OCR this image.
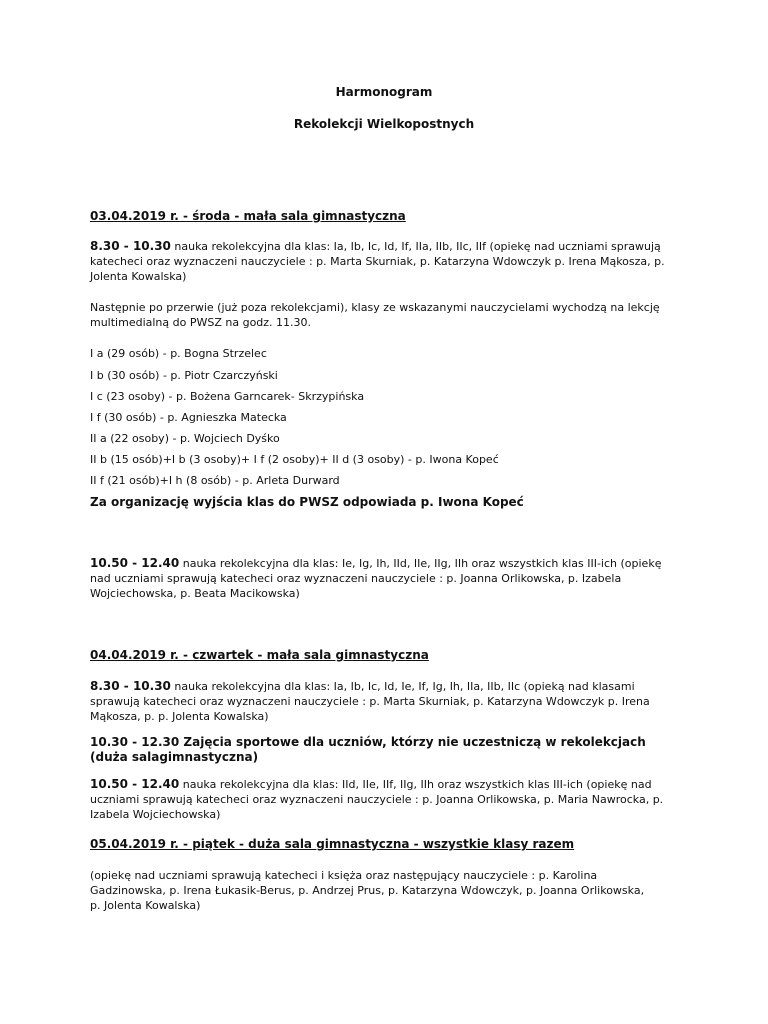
Harmonogram
Rekolekcji Wielkopostnych
03.04.2019 r. - środa - mała sala gimnastyczna
8.30 - 10.30 nauka rekolekcyjna dla klas: Ia, Ib, Ic, Id, If, IIa, IIb, IIc, IIf (opiekę nad uczniami sprawują katecheci oraz wyznaczeni nauczyciele : p. Marta Skurniak, p. Katarzyna Wdowczyk p. Irena Mąkosza, p. Jolenta Kowalska)
Następnie po przerwie (już poza rekolekcjami), klasy ze wskazanymi nauczycielami wychodzą na lekcję multimedialną do PWSZ na godz. 11.30.
I a (29 osób) - p. Bogna Strzelec
I b (30 osób) - p. Piotr Czarczyński
I c (23 osoby) - p. Bożena Garncarek- Skrzypińska
I f (30 osób) - p. Agnieszka Matecka
II a (22 osoby) - p. Wojciech Dyśko
II b (15 osób)+I b (3 osoby)+ I f (2 osoby)+ II d (3 osoby) - p. Iwona Kopeć
II f (21 osób)+I h (8 osób) - p. Arleta Durward
Za organizację wyjścia klas do PWSZ odpowiada p. Iwona Kopeć
10.50 - 12.40 nauka rekolekcyjna dla klas: Ie, Ig, Ih, IId, IIe, IIg, IIh oraz wszystkich klas III-ich (opiekę nad uczniami sprawują katecheci oraz wyznaczeni nauczyciele : p. Joanna Orlikowska, p. Izabela Wojciechowska, p. Beata Macikowska)
04.04.2019 r. - czwartek - mała sala gimnastyczna
8.30 - 10.30 nauka rekolekcyjna dla klas: Ia, Ib, Ic, Id, Ie, If, Ig, Ih, IIa, IIb, IIc (opieką nad klasami sprawują katecheci oraz wyznaczeni nauczyciele : p. Marta Skurniak, p. Katarzyna Wdowczyk p. Irena Mąkosza, p. p. Jolenta Kowalska)
10.30 - 12.30 Zajęcia sportowe dla uczniów, którzy nie uczestniczą w rekolekcjach (duża salagimnastyczna)
10.50 - 12.40 nauka rekolekcyjna dla klas: IId, IIe, IIf, IIg, IIh oraz wszystkich klas III-ich (opiekę nad uczniami sprawują katecheci oraz wyznaczeni nauczyciele : p. Joanna Orlikowska, p. Maria Nawrocka, p. Izabela Wojciechowska)
05.04.2019 r. - piątek - duża sala gimnastyczna - wszystkie klasy razem
(opiekę nad uczniami sprawują katecheci i księża oraz następujący nauczyciele : p. Karolina Gadzinowska, p. Irena Łukasik-Berus, p. Andrzej Prus, p. Katarzyna Wdowczyk, p. Joanna Orlikowska, p. Jolenta Kowalska)
